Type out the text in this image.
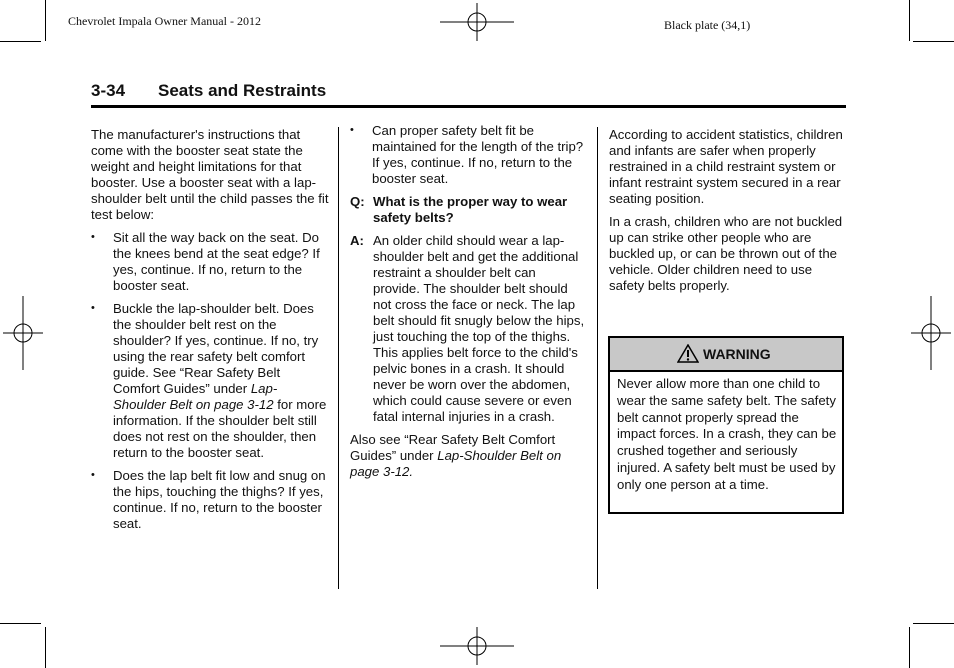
Chevrolet Impala Owner Manual - 2012	Black plate (34,1)
3-34 Seats and Restraints

The manufacturer's instructions that come with the booster seat state the weight and height limitations for that booster. Use a booster seat with a lap-shoulder belt until the child passes the fit test below:

• Sit all the way back on the seat. Do the knees bend at the seat edge? If yes, continue. If no, return to the booster seat.
• Buckle the lap-shoulder belt. Does the shoulder belt rest on the shoulder? If yes, continue. If no, try using the rear safety belt comfort guide. See “Rear Safety Belt Comfort Guides” under Lap-Shoulder Belt on page 3-12 for more information. If the shoulder belt still does not rest on the shoulder, then return to the booster seat.
• Does the lap belt fit low and snug on the hips, touching the thighs? If yes, continue. If no, return to the booster seat.
• Can proper safety belt fit be maintained for the length of the trip? If yes, continue. If no, return to the booster seat.
Q: What is the proper way to wear safety belts?
A: An older child should wear a lap-shoulder belt and get the additional restraint a shoulder belt can provide. The shoulder belt should not cross the face or neck. The lap belt should fit snugly below the hips, just touching the top of the thighs. This applies belt force to the child's pelvic bones in a crash. It should never be worn over the abdomen, which could cause severe or even fatal internal injuries in a crash.

Also see “Rear Safety Belt Comfort Guides” under Lap-Shoulder Belt on page 3-12.

According to accident statistics, children and infants are safer when properly restrained in a child restraint system or infant restraint system secured in a rear seating position.

In a crash, children who are not buckled up can strike other people who are buckled up, or can be thrown out of the vehicle. Older children need to use safety belts properly.

WARNING
Never allow more than one child to wear the same safety belt. The safety belt cannot properly spread the impact forces. In a crash, they can be crushed together and seriously injured. A safety belt must be used by only one person at a time.
